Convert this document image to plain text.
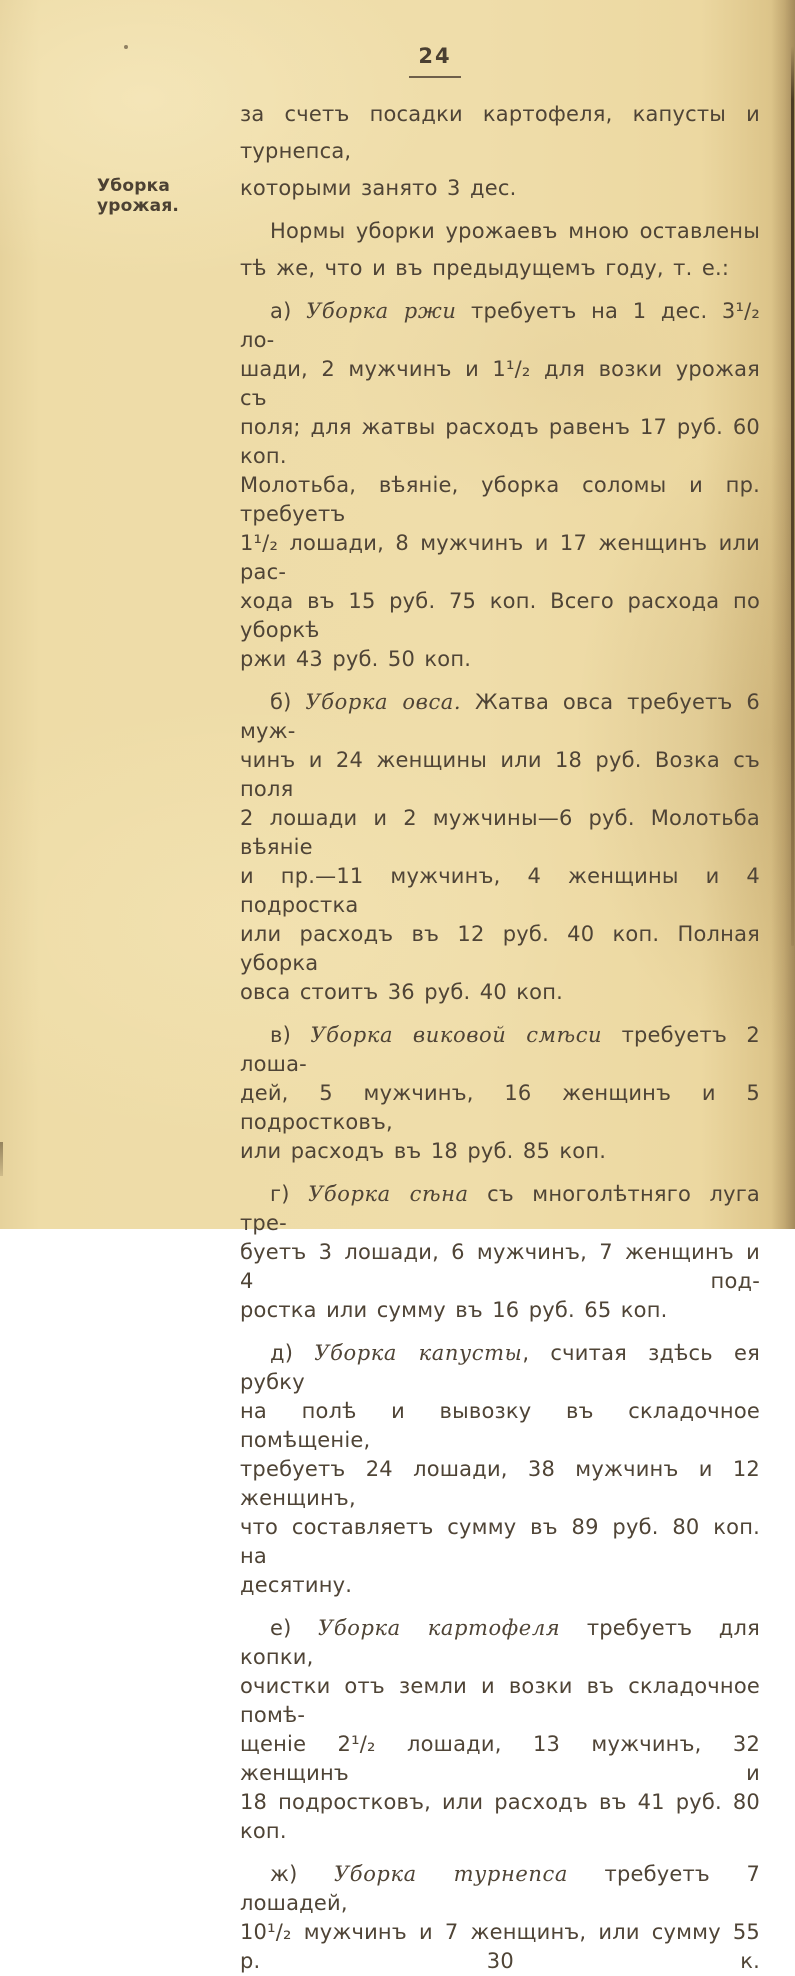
24
Уборка урожая.
за счетъ посадки картофеля, капусты и турнепса,
которыми занято 3 дес.
Нормы уборки урожаевъ мною оставлены
тѣ же, что и въ предыдущемъ году, т. е.:
а) Уборка ржи требуетъ на 1 дес. 3¹/₂ ло-
шади, 2 мужчинъ и 1¹/₂ для возки урожая съ
поля; для жатвы расходъ равенъ 17 руб. 60 коп.
Молотьба, вѣяніе, уборка соломы и пр. требуетъ
1¹/₂ лошади, 8 мужчинъ и 17 женщинъ или рас-
хода въ 15 руб. 75 коп. Всего расхода по уборкѣ
ржи 43 руб. 50 коп.
б) Уборка овса. Жатва овса требуетъ 6 муж-
чинъ и 24 женщины или 18 руб. Возка съ поля
2 лошади и 2 мужчины—6 руб. Молотьба вѣяніе
и пр.—11 мужчинъ, 4 женщины и 4 подростка
или расходъ въ 12 руб. 40 коп. Полная уборка
овса стоитъ 36 руб. 40 коп.
в) Уборка виковой смѣси требуетъ 2 лоша-
дей, 5 мужчинъ, 16 женщинъ и 5 подростковъ,
или расходъ въ 18 руб. 85 коп.
г) Уборка сѣна съ многолѣтняго луга тре-
буетъ 3 лошади, 6 мужчинъ, 7 женщинъ и 4 под-
ростка или сумму въ 16 руб. 65 коп.
д) Уборка капусты, считая здѣсь ея рубку
на полѣ и вывозку въ складочное помѣщеніе,
требуетъ 24 лошади, 38 мужчинъ и 12 женщинъ,
что составляетъ сумму въ 89 руб. 80 коп. на
десятину.
е) Уборка картофеля требуетъ для копки,
очистки отъ земли и возки въ складочное помѣ-
щеніе 2¹/₂ лошади, 13 мужчинъ, 32 женщинъ и
18 подростковъ, или расходъ въ 41 руб. 80 коп.
ж) Уборка турнепса требуетъ 7 лошадей,
10¹/₂ мужчинъ и 7 женщинъ, или сумму 55 р. 30 к.
